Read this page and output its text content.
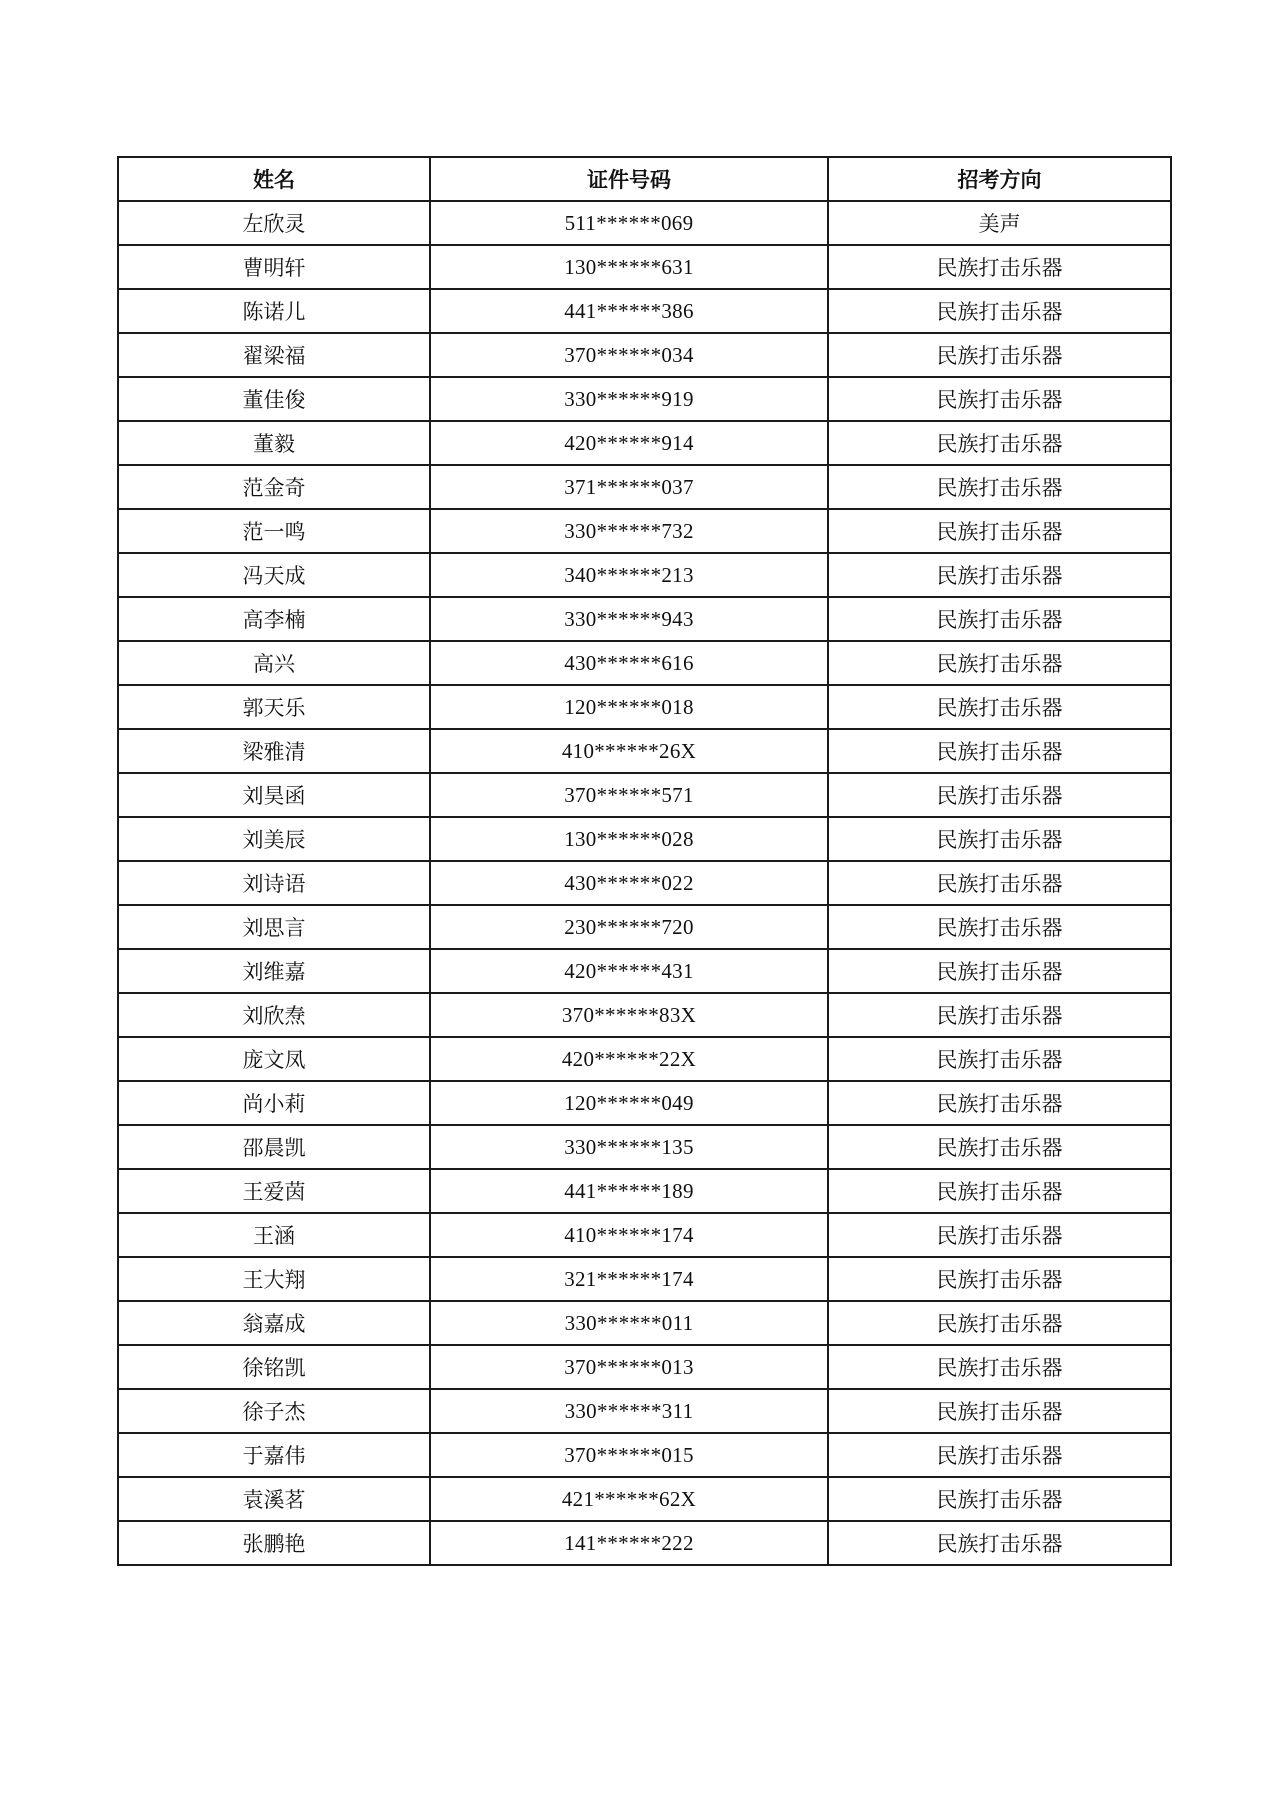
姓名	证件号码	招考方向
左欣灵	511******069	美声
曹明轩	130******631	民族打击乐器
陈诺儿	441******386	民族打击乐器
翟梁福	370******034	民族打击乐器
董佳俊	330******919	民族打击乐器
董毅	420******914	民族打击乐器
范金奇	371******037	民族打击乐器
范一鸣	330******732	民族打击乐器
冯天成	340******213	民族打击乐器
高李楠	330******943	民族打击乐器
高兴	430******616	民族打击乐器
郭天乐	120******018	民族打击乐器
梁雅清	410******26X	民族打击乐器
刘昊函	370******571	民族打击乐器
刘美辰	130******028	民族打击乐器
刘诗语	430******022	民族打击乐器
刘思言	230******720	民族打击乐器
刘维嘉	420******431	民族打击乐器
刘欣焘	370******83X	民族打击乐器
庞文凤	420******22X	民族打击乐器
尚小莉	120******049	民族打击乐器
邵晨凯	330******135	民族打击乐器
王爱茵	441******189	民族打击乐器
王涵	410******174	民族打击乐器
王大翔	321******174	民族打击乐器
翁嘉成	330******011	民族打击乐器
徐铭凯	370******013	民族打击乐器
徐子杰	330******311	民族打击乐器
于嘉伟	370******015	民族打击乐器
袁溪茗	421******62X	民族打击乐器
张鹏艳	141******222	民族打击乐器
